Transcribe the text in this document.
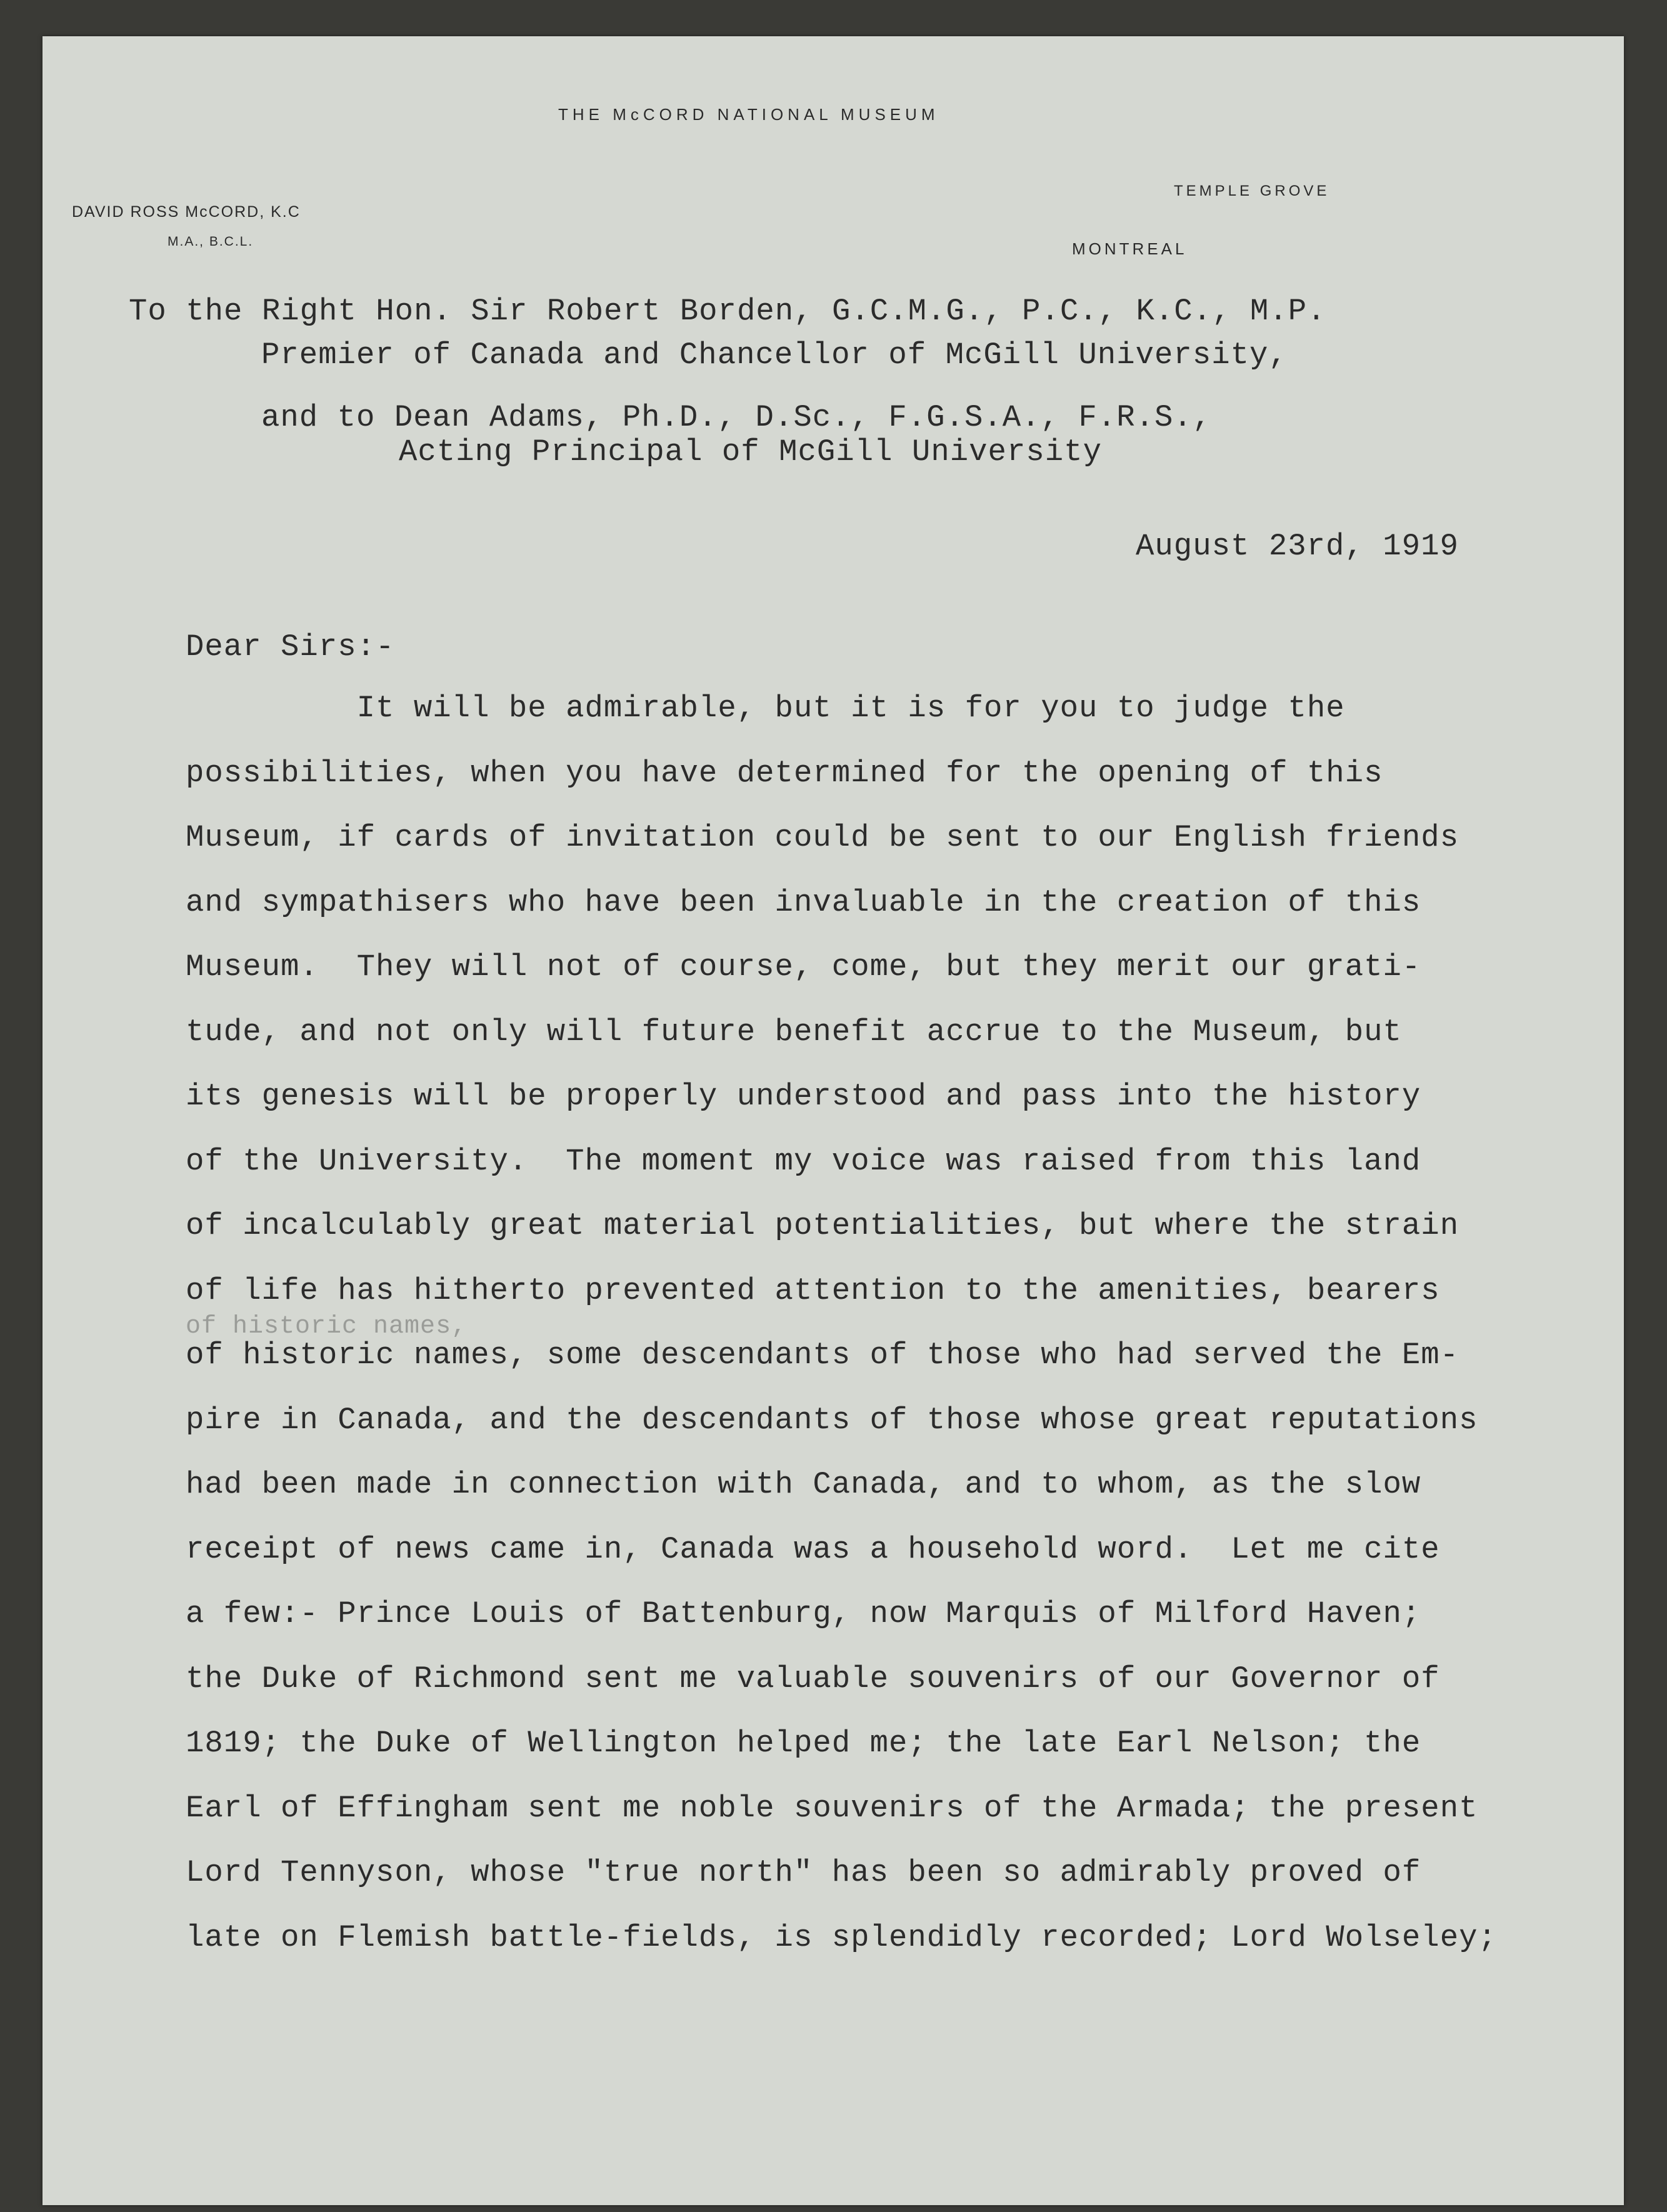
THE McCORD NATIONAL MUSEUM
TEMPLE GROVE
DAVID ROSS McCORD, K.C
M.A., B.C.L.	MONTREAL
To the Right Hon. Sir Robert Borden, G.C.M.G., P.C., K.C., M.P.
Premier of Canada and Chancellor of McGill University,
and to Dean Adams, Ph.D., D.Sc., F.G.S.A., F.R.S.,
Acting Principal of McGill University
August 23rd, 1919
Dear Sirs:-
of historic names,
It will be admirable, but it is for you to judge the
possibilities, when you have determined for the opening of this
Museum, if cards of invitation could be sent to our English friends
and sympathisers who have been invaluable in the creation of this
Museum.  They will not of course, come, but they merit our grati-
tude, and not only will future benefit accrue to the Museum, but
its genesis will be properly understood and pass into the history
of the University.  The moment my voice was raised from this land
of incalculably great material potentialities, but where the strain
of life has hitherto prevented attention to the amenities, bearers
of historic names, some descendants of those who had served the Em-
pire in Canada, and the descendants of those whose great reputations
had been made in connection with Canada, and to whom, as the slow
receipt of news came in, Canada was a household word.  Let me cite
a few:- Prince Louis of Battenburg, now Marquis of Milford Haven;
the Duke of Richmond sent me valuable souvenirs of our Governor of
1819; the Duke of Wellington helped me; the late Earl Nelson; the
Earl of Effingham sent me noble souvenirs of the Armada; the present
Lord Tennyson, whose "true north" has been so admirably proved of
late on Flemish battle-fields, is splendidly recorded; Lord Wolseley;
